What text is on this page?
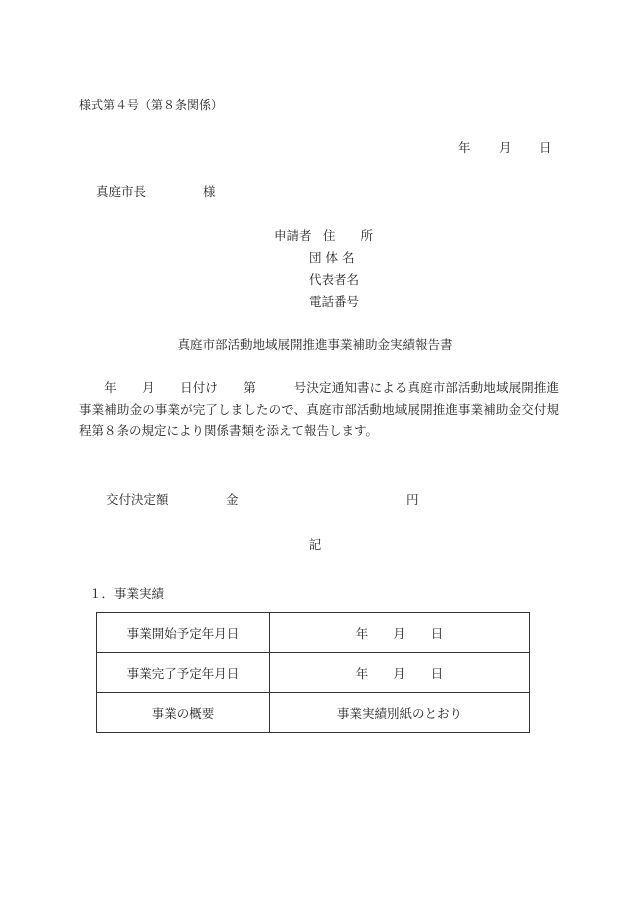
様式第４号（第８条関係）
年 月 日
真庭市長	様
申請者 住　　所
団 体 名
代表者名
電話番号
真庭市部活動地域展開推進事業補助金実績報告書
　　年　　月　　日付け　　第　　　号決定通知書による真庭市部活動地域展開推進事業補助金の事業が完了しましたので、真庭市部活動地域展開推進事業補助金交付規程第８条の規定により関係書類を添えて報告します。
交付決定額	金	円
記
１．事業実績
事業開始予定年月日	年　　月　　日
事業完了予定年月日	年　　月　　日
事業の概要	事業実績別紙のとおり
